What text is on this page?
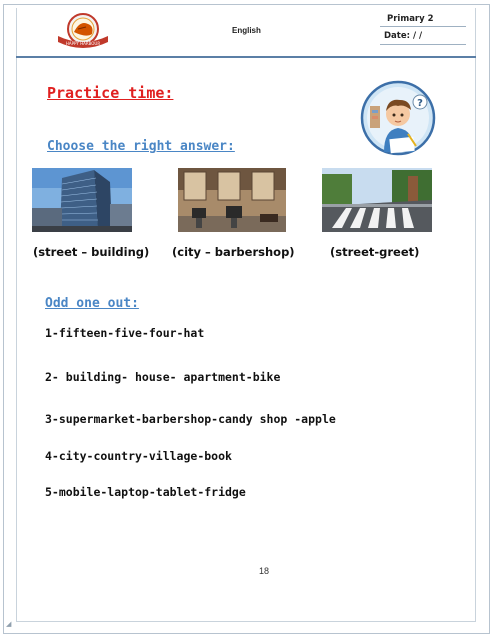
◢
HAPPY HARBOUR
English
Primary 2
Date: / /
Practice time:
Choose the right answer:
?
(street – building) (city – barbershop)	(street-greet)
Odd one out:
1-fifteen-five-four-hat
2- building- house- apartment-bike
3-supermarket-barbershop-candy shop -apple
4-city-country-village-book
5-mobile-laptop-tablet-fridge
18
